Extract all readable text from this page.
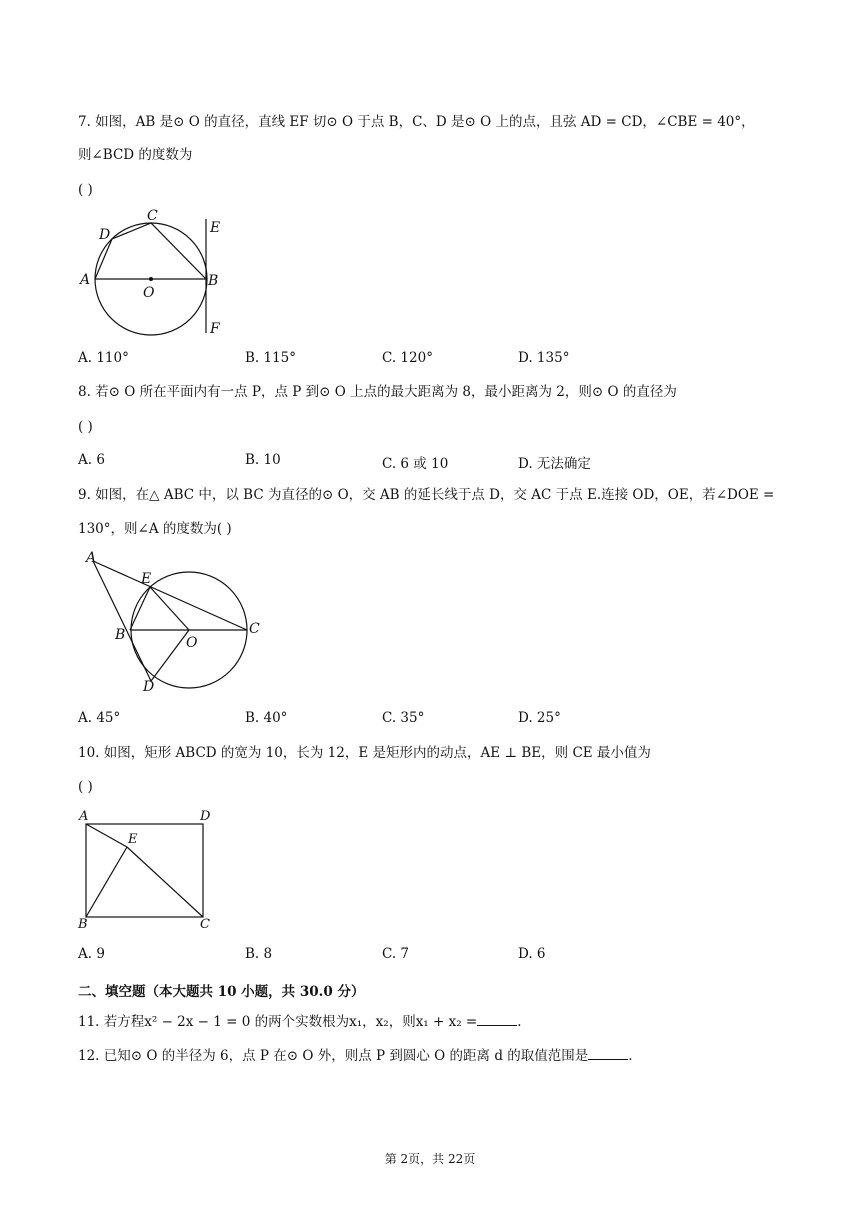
7. 如图，AB 是⊙ O 的直径，直线 EF 切⊙ O 于点 B，C、D 是⊙ O 上的点，且弦 AD = CD，∠CBE = 40°，
则∠BCD 的度数为
( )
A	B
C
D	E
F
O
A. 110°	B. 115°	C. 120°	D. 135°
8. 若⊙ O 所在平面内有一点 P，点 P 到⊙ O 上点的最大距离为 8，最小距离为 2，则⊙ O 的直径为
( )
A. 6	B. 10	C. 6 或 10	D. 无法确定
9. 如图，在△ ABC 中，以 BC 为直径的⊙ O，交 AB 的延长线于点 D，交 AC 于点 E.连接 OD，OE，若∠DOE =
130°，则∠A 的度数为( )
A
B	C
D
E
O
A. 45°	B. 40°	C. 35°	D. 25°
10. 如图，矩形 ABCD 的宽为 10，长为 12，E 是矩形内的动点，AE ⊥ BE，则 CE 最小值为
( )
A	D
B	C
E
A. 9	B. 8	C. 7	D. 6
二、填空题（本大题共 10 小题，共 30.0 分）
11. 若方程x² − 2x − 1 = 0 的两个实数根为x₁，x₂，则x₁ + x₂ =	.
12. 已知⊙ O 的半径为 6，点 P 在⊙ O 外，则点 P 到圆心 O 的距离 d 的取值范围是	.
第 2页，共 22页
